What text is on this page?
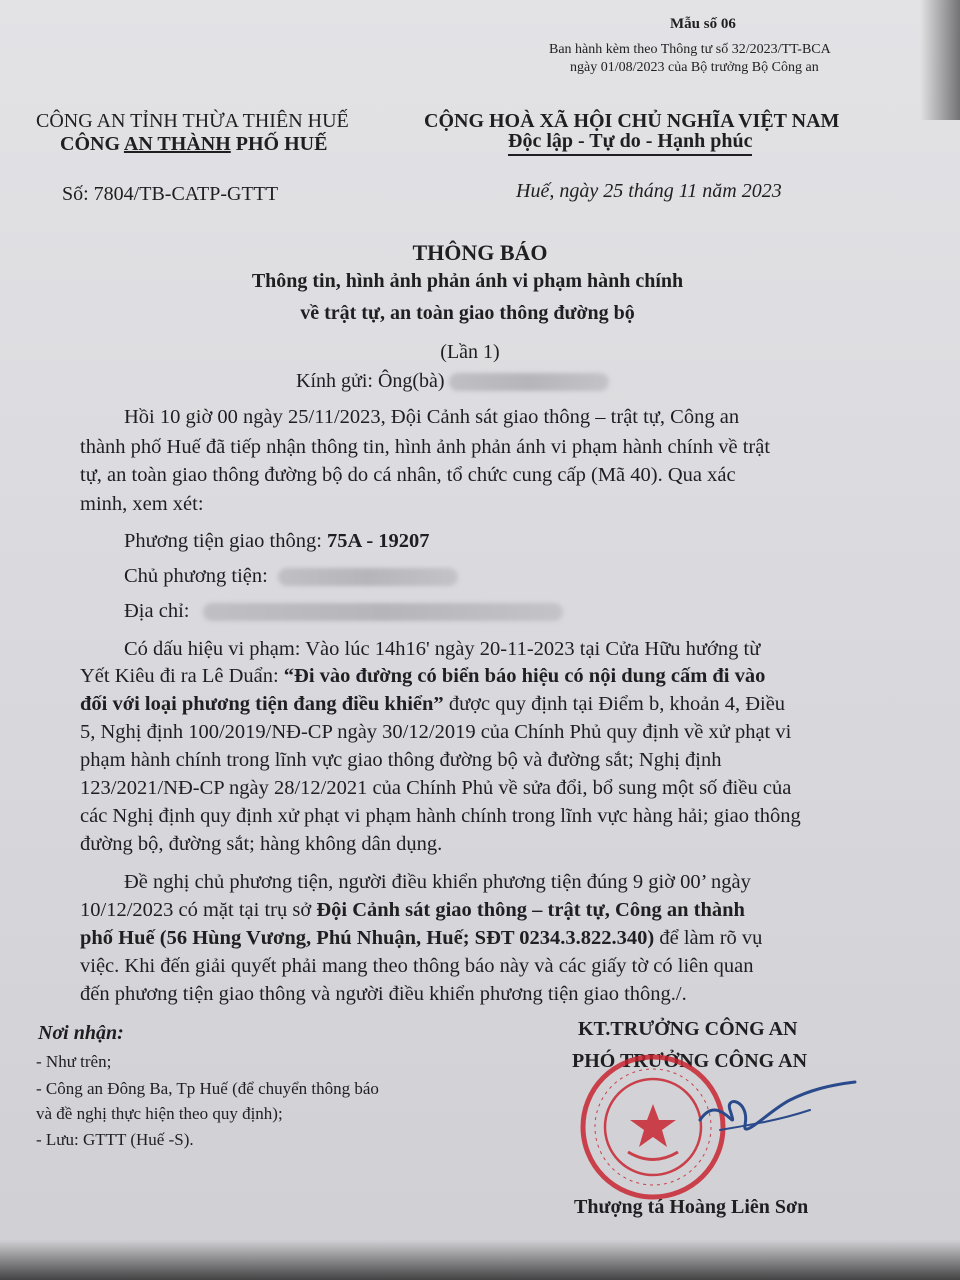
Mẫu số 06
Ban hành kèm theo Thông tư số 32/2023/TT-BCA
ngày 01/08/2023 của Bộ trưởng Bộ Công an
CÔNG AN TỈNH THỪA THIÊN HUẾ
CÔNG AN THÀNH PHỐ HUẾ
CỘNG HOÀ XÃ HỘI CHỦ NGHĨA VIỆT NAM
Độc lập - Tự do - Hạnh phúc
Số: 7804/TB-CATP-GTTT	Huế, ngày 25 tháng 11 năm 2023
THÔNG BÁO
Thông tin, hình ảnh phản ánh vi phạm hành chính
về trật tự, an toàn giao thông đường bộ
(Lần 1)
Kính gửi: Ông(bà)
Hồi 10 giờ 00 ngày 25/11/2023, Đội Cảnh sát giao thông – trật tự, Công an
thành phố Huế đã tiếp nhận thông tin, hình ảnh phản ánh vi phạm hành chính về trật
tự, an toàn giao thông đường bộ do cá nhân, tổ chức cung cấp (Mã 40). Qua xác
minh, xem xét:
Phương tiện giao thông: 75A - 19207
Chủ phương tiện:
Địa chỉ:
Có dấu hiệu vi phạm: Vào lúc 14h16' ngày 20-11-2023 tại Cửa Hữu hướng từ
Yết Kiêu đi ra Lê Duẩn: “Đi vào đường có biển báo hiệu có nội dung cấm đi vào
đối với loại phương tiện đang điều khiển” được quy định tại Điểm b, khoản 4, Điều
5, Nghị định 100/2019/NĐ-CP ngày 30/12/2019 của Chính Phủ quy định về xử phạt vi
phạm hành chính trong lĩnh vực giao thông đường bộ và đường sắt; Nghị định
123/2021/NĐ-CP ngày 28/12/2021 của Chính Phủ về sửa đổi, bổ sung một số điều của
các Nghị định quy định xử phạt vi phạm hành chính trong lĩnh vực hàng hải; giao thông
đường bộ, đường sắt; hàng không dân dụng.
Đề nghị chủ phương tiện, người điều khiển phương tiện đúng 9 giờ 00’ ngày
10/12/2023 có mặt tại trụ sở Đội Cảnh sát giao thông – trật tự, Công an thành
phố Huế (56 Hùng Vương, Phú Nhuận, Huế; SĐT 0234.3.822.340) để làm rõ vụ
việc. Khi đến giải quyết phải mang theo thông báo này và các giấy tờ có liên quan
đến phương tiện giao thông và người điều khiển phương tiện giao thông./.
Nơi nhận:
- Như trên;
- Công an Đông Ba, Tp Huế (để chuyển thông báo
và đề nghị thực hiện theo quy định);
- Lưu: GTTT (Huế -S).
KT.TRƯỞNG CÔNG AN
PHÓ TRƯỞNG CÔNG AN
Thượng tá Hoàng Liên Sơn
